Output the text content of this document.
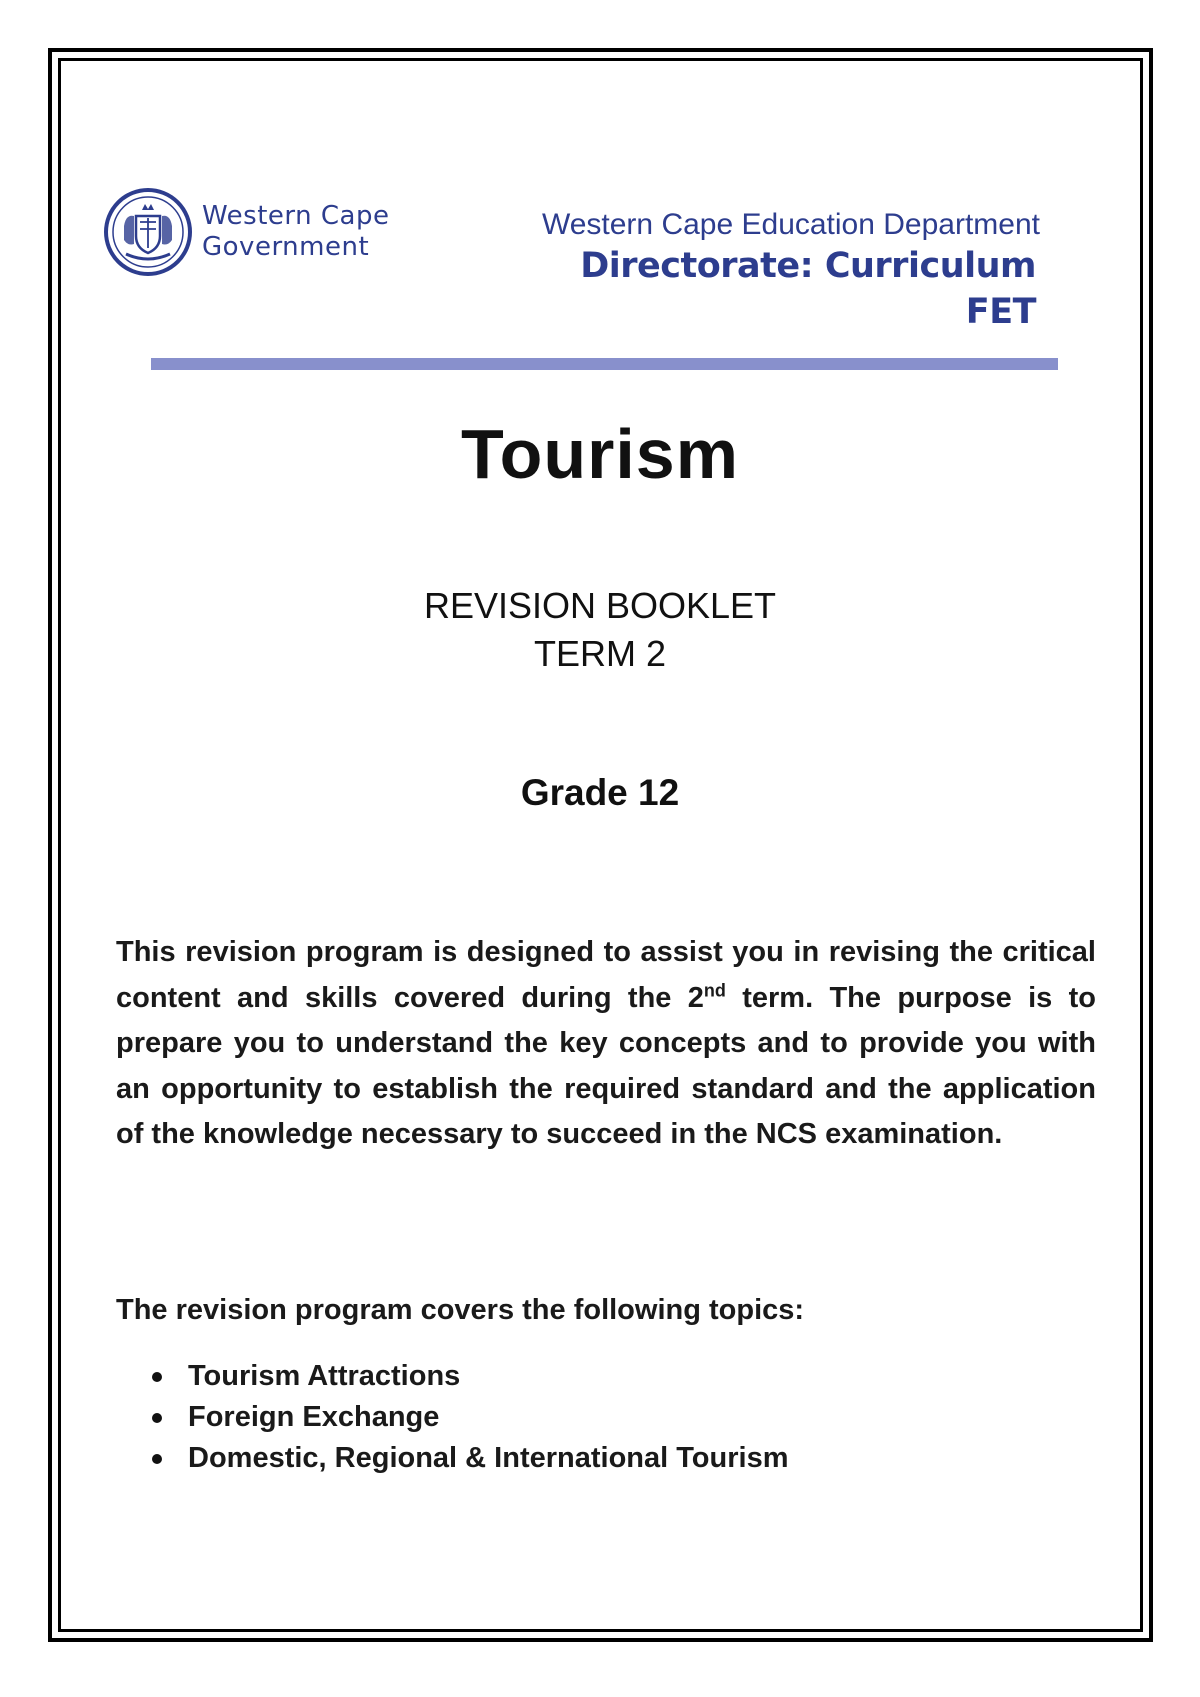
Western Cape
Government
Western Cape Education Department
Directorate: Curriculum FET
Tourism
REVISION BOOKLET
TERM 2
Grade 12
This revision program is designed to assist you in revising the critical content and skills covered during the 2nd term. The purpose is to prepare you to understand the key concepts and to provide you with an opportunity to establish the required standard and the application of the knowledge necessary to succeed in the NCS examination.
The revision program covers the following topics:
Tourism Attractions
Foreign Exchange
Domestic, Regional & International Tourism
